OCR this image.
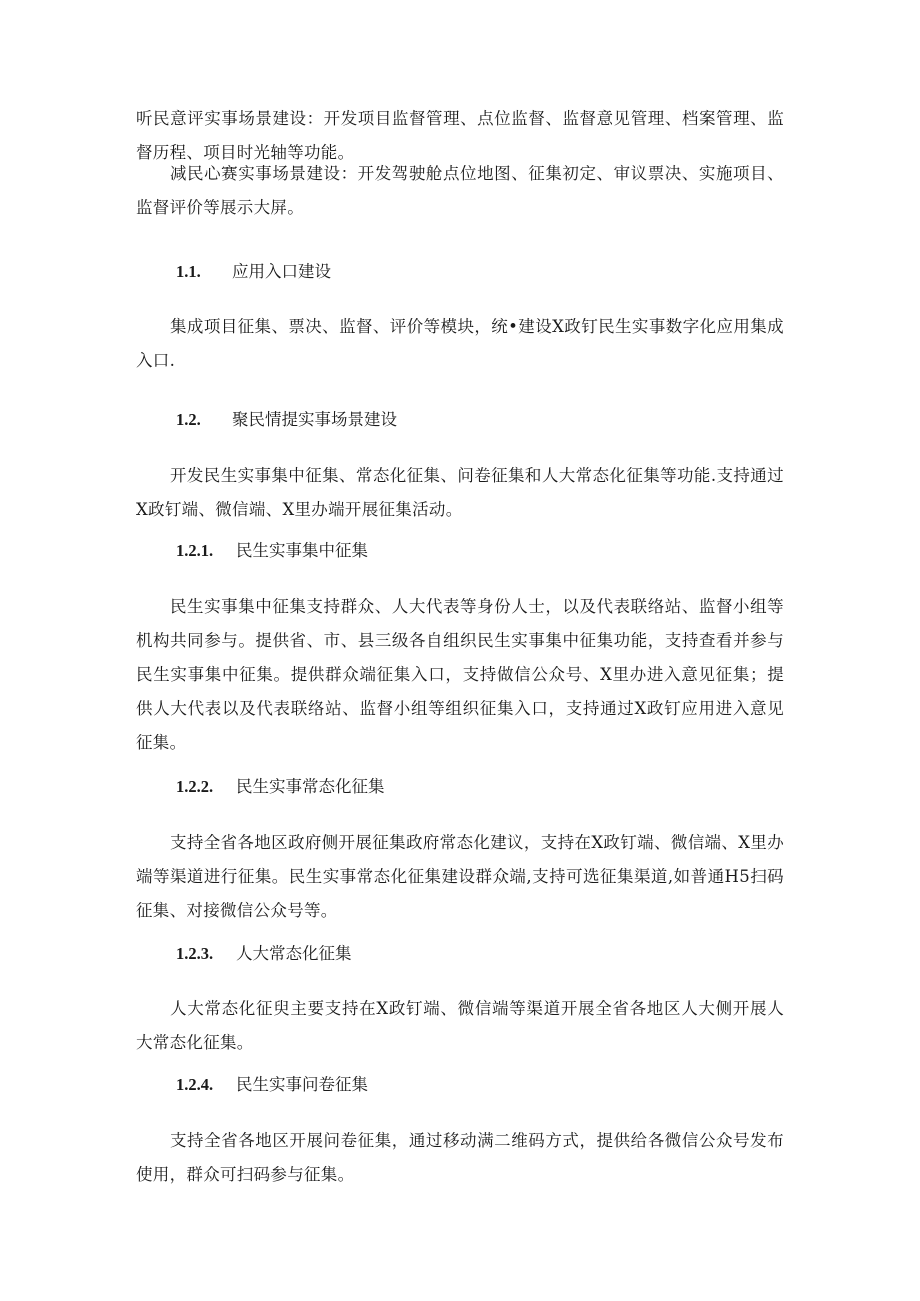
听民意评实事场景建设：开发项目监督管理、点位监督、监督意见管理、档案管理、监督历程、项目时光轴等功能。

减民心赛实事场景建设：开发驾驶舱点位地图、征集初定、审议票决、实施项目、监督评价等展示大屏。

1.1. 应用入口建设

集成项目征集、票决、监督、评价等模块，统•建设X政钉民生实事数字化应用集成入口.

1.2. 聚民情提实事场景建设

开发民生实事集中征集、常态化征集、问卷征集和人大常态化征集等功能.支持通过X政钉端、微信端、X里办端开展征集活动。

1.2.1. 民生实事集中征集

民生实事集中征集支持群众、人大代表等身份人士，以及代表联络站、监督小组等机构共同参与。提供省、市、县三级各自组织民生实事集中征集功能，支持查看并参与民生实事集中征集。提供群众端征集入口，支持做信公众号、X里办进入意见征集；提供人大代表以及代表联络站、监督小组等组织征集入口，支持通过X政钉应用进入意见征集。

1.2.2. 民生实事常态化征集

支持全省各地区政府侧开展征集政府常态化建议，支持在X政钉端、微信端、X里办端等渠道进行征集。民生实事常态化征集建设群众端,支持可选征集渠道,如普通H5扫码征集、对接微信公众号等。

1.2.3. 人大常态化征集

人大常态化征臾主要支持在X政钉端、微信端等渠道开展全省各地区人大侧开展人大常态化征集。

1.2.4. 民生实事问卷征集

支持全省各地区开展问卷征集，通过移动满二维码方式，提供给各微信公众号发布使用，群众可扫码参与征集。
